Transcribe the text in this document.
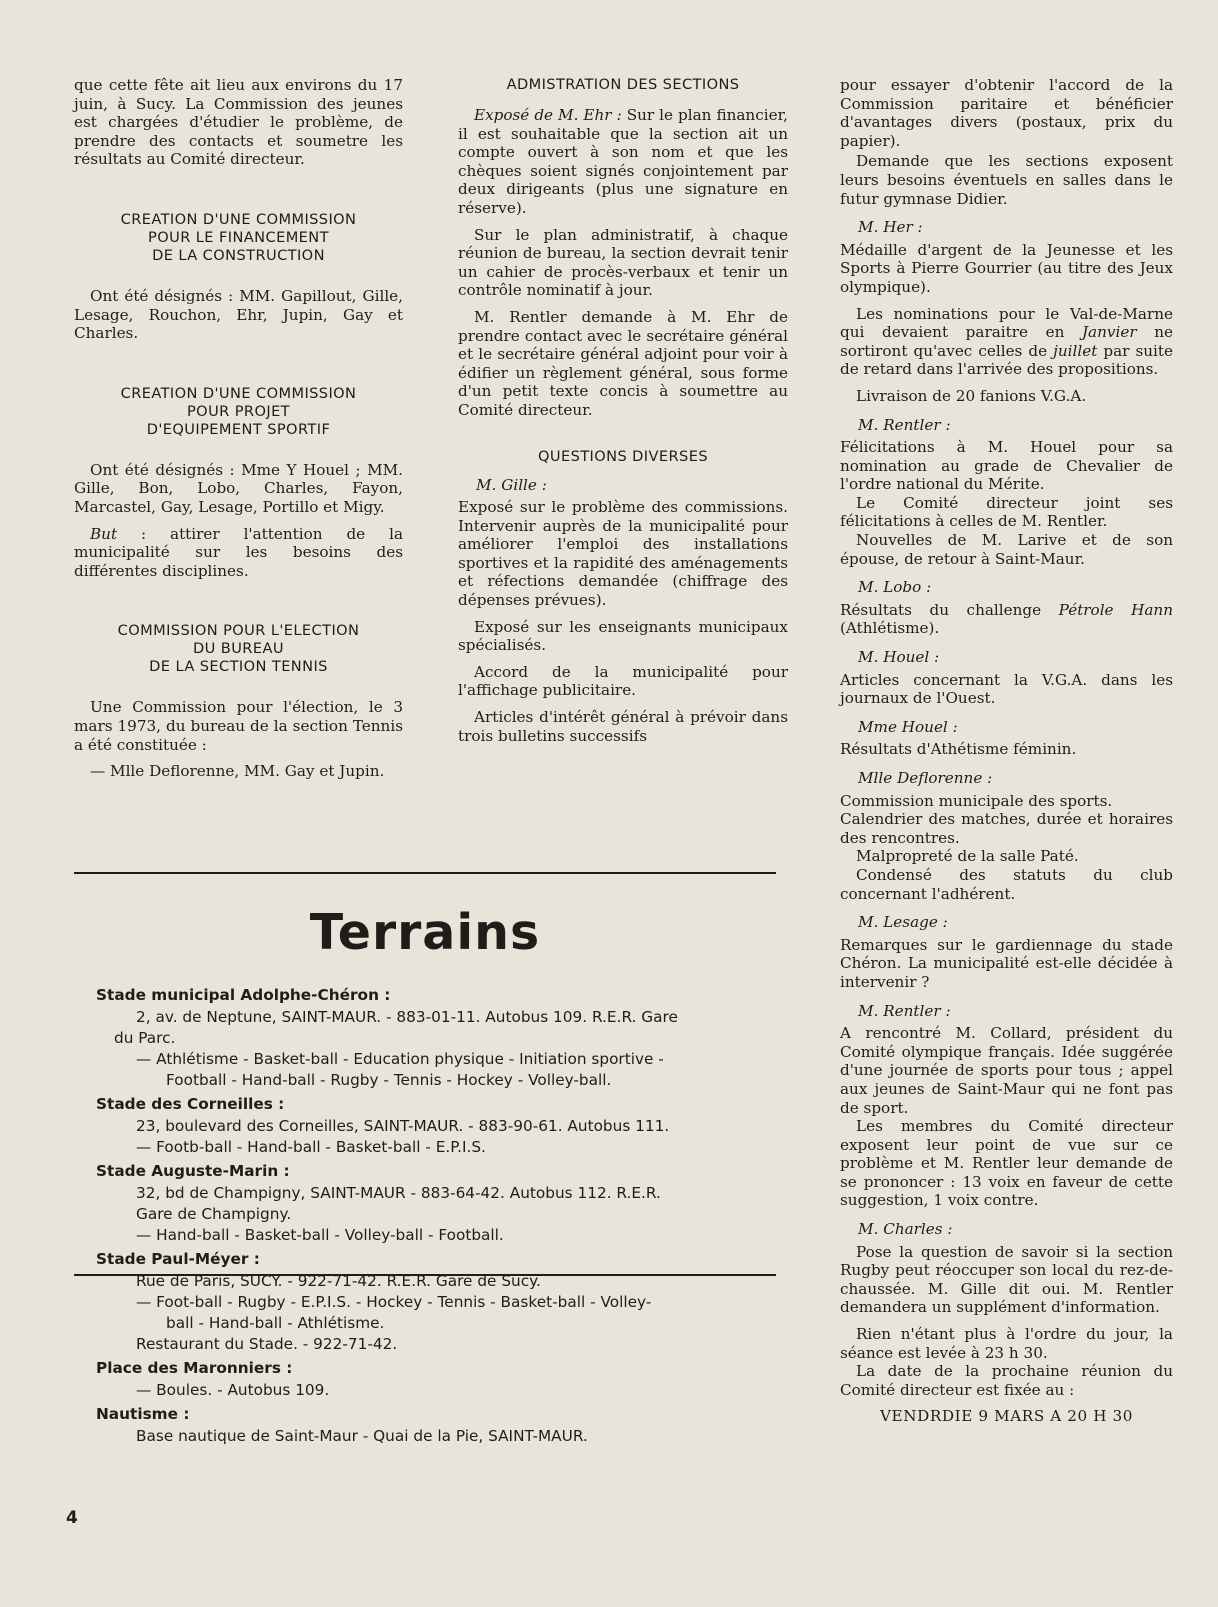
que cette fête ait lieu aux environs du 17 juin, à Sucy. La Commission des jeunes est chargées d'étudier le problème, de prendre des contacts et soumetre les résultats au Comité directeur.

CREATION D'UNE COMMISSION
POUR LE FINANCEMENT
DE LA CONSTRUCTION

Ont été désignés : MM. Gapillout, Gille, Lesage, Rouchon, Ehr, Jupin, Gay et Charles.

CREATION D'UNE COMMISSION
POUR PROJET
D'EQUIPEMENT SPORTIF

Ont été désignés : Mme Y Houel ; MM. Gille, Bon, Lobo, Charles, Fayon, Marcastel, Gay, Lesage, Portillo et Migy.

But : attirer l'attention de la municipalité sur les besoins des différentes disciplines.

COMMISSION POUR L'ELECTION
DU BUREAU
DE LA SECTION TENNIS

Une Commission pour l'élection, le 3 mars 1973, du bureau de la section Tennis a été constituée :

— Mlle Deflorenne, MM. Gay et Jupin.

ADMISTRATION DES SECTIONS

Exposé de M. Ehr : Sur le plan financier, il est souhaitable que la section ait un compte ouvert à son nom et que les chèques soient signés conjointement par deux dirigeants (plus une signature en réserve).

Sur le plan administratif, à chaque réunion de bureau, la section devrait tenir un cahier de procès-verbaux et tenir un contrôle nominatif à jour.

M. Rentler demande à M. Ehr de prendre contact avec le secrétaire général et le secrétaire général adjoint pour voir à édifier un règlement général, sous forme d'un petit texte concis à soumettre au Comité directeur.

QUESTIONS DIVERSES
M. Gille :

Exposé sur le problème des commissions. Intervenir auprès de la municipalité pour améliorer l'emploi des installations sportives et la rapidité des aménagements et réfections demandée (chiffrage des dépenses prévues).

Exposé sur les enseignants municipaux spécialisés.

Accord de la municipalité pour l'affichage publicitaire.

Articles d'intérêt général à prévoir dans trois bulletins successifs

pour essayer d'obtenir l'accord de la Commission paritaire et bénéficier d'avantages divers (postaux, prix du papier).

Demande que les sections exposent leurs besoins éventuels en salles dans le futur gymnase Didier.

M. Her :

Médaille d'argent de la Jeunesse et les Sports à Pierre Gourrier (au titre des Jeux olympique).

Les nominations pour le Val-de-Marne qui devaient paraitre en Janvier ne sortiront qu'avec celles de juillet par suite de retard dans l'arrivée des propositions.

Livraison de 20 fanions V.G.A.

M. Rentler :

Félicitations à M. Houel pour sa nomination au grade de Chevalier de l'ordre national du Mérite.

Le Comité directeur joint ses félicitations à celles de M. Rentler.

Nouvelles de M. Larive et de son épouse, de retour à Saint-Maur.

M. Lobo :

Résultats du challenge Pétrole Hann (Athlétisme).

M. Houel :

Articles concernant la V.G.A. dans les journaux de l'Ouest.

Mme Houel :

Résultats d'Athétisme féminin.

Mlle Deflorenne :

Commission municipale des sports.

Calendrier des matches, durée et horaires des rencontres.

Malpropreté de la salle Paté.

Condensé des statuts du club concernant l'adhérent.

M. Lesage :

Remarques sur le gardiennage du stade Chéron. La municipalité est-elle décidée à intervenir ?

M. Rentler :

A rencontré M. Collard, président du Comité olympique français. Idée suggérée d'une journée de sports pour tous ; appel aux jeunes de Saint-Maur qui ne font pas de sport.

Les membres du Comité directeur exposent leur point de vue sur ce problème et M. Rentler leur demande de se prononcer : 13 voix en faveur de cette suggestion, 1 voix contre.

M. Charles :

Pose la question de savoir si la section Rugby peut réoccuper son local du rez-de-chaussée. M. Gille dit oui. M. Rentler demandera un supplément d'information.

Rien n'étant plus à l'ordre du jour, la séance est levée à 23 h 30.

La date de la prochaine réunion du Comité directeur est fixée au :

VENDRDIE 9 MARS A 20 H 30
Terrains
Stade municipal Adolphe-Chéron :
2, av. de Neptune, SAINT-MAUR. - 883-01-11. Autobus 109. R.E.R. Gare
du Parc.
— Athlétisme - Basket-ball - Education physique - Initiation sportive -
Football - Hand-ball - Rugby - Tennis - Hockey - Volley-ball.
Stade des Corneilles :
23, boulevard des Corneilles, SAINT-MAUR. - 883-90-61. Autobus 111.
— Footb-ball - Hand-ball - Basket-ball - E.P.I.S.
Stade Auguste-Marin :
32, bd de Champigny, SAINT-MAUR - 883-64-42. Autobus 112. R.E.R.
Gare de Champigny.
— Hand-ball - Basket-ball - Volley-ball - Football.
Stade Paul-Méyer :
Rue de Paris, SUCY. - 922-71-42. R.E.R. Gare de Sucy.
— Foot-ball - Rugby - E.P.I.S. - Hockey - Tennis - Basket-ball - Volley-
ball - Hand-ball - Athlétisme.
Restaurant du Stade. - 922-71-42.
Place des Maronniers :
— Boules. - Autobus 109.
Nautisme :
Base nautique de Saint-Maur - Quai de la Pie, SAINT-MAUR.
4
